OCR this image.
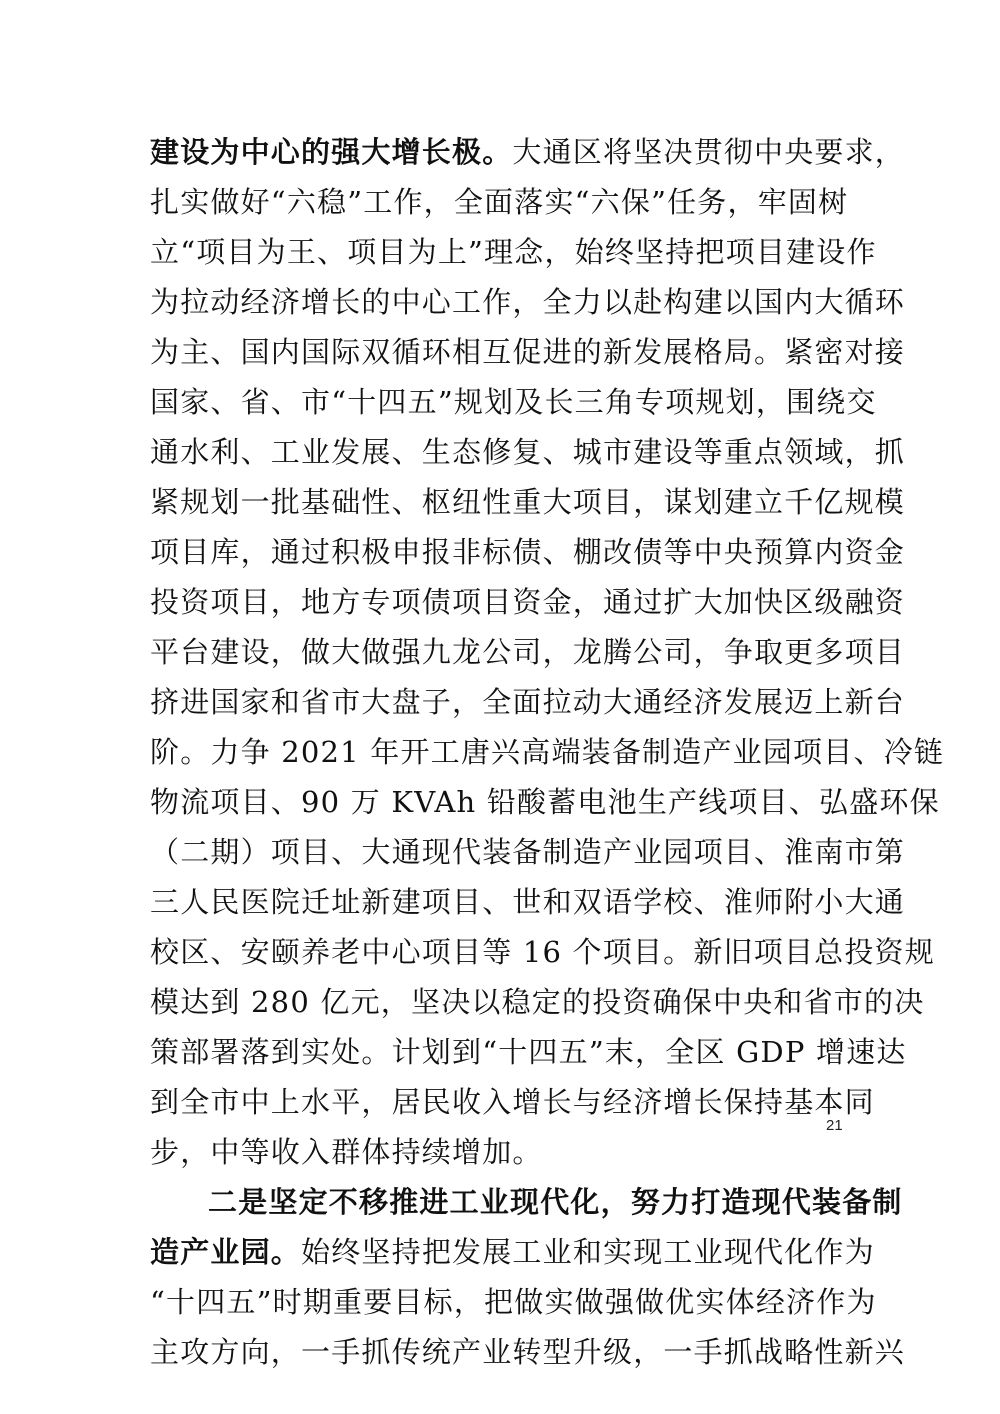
建设为中心的强大增长极。大通区将坚决贯彻中央要求，
扎实做好“六稳”工作，全面落实“六保”任务，牢固树
立“项目为王、项目为上”理念，始终坚持把项目建设作
为拉动经济增长的中心工作，全力以赴构建以国内大循环
为主、国内国际双循环相互促进的新发展格局。紧密对接
国家、省、市“十四五”规划及长三角专项规划，围绕交
通水利、工业发展、生态修复、城市建设等重点领域，抓
紧规划一批基础性、枢纽性重大项目，谋划建立千亿规模
项目库，通过积极申报非标债、棚改债等中央预算内资金
投资项目，地方专项债项目资金，通过扩大加快区级融资
平台建设，做大做强九龙公司，龙腾公司，争取更多项目
挤进国家和省市大盘子，全面拉动大通经济发展迈上新台
阶。力争 2021 年开工唐兴高端装备制造产业园项目、冷链
物流项目、90 万 KVAh 铅酸蓄电池生产线项目、弘盛环保
（二期）项目、大通现代装备制造产业园项目、淮南市第
三人民医院迁址新建项目、世和双语学校、淮师附小大通
校区、安颐养老中心项目等 16 个项目。新旧项目总投资规
模达到 280 亿元，坚决以稳定的投资确保中央和省市的决
策部署落到实处。计划到“十四五”末，全区 GDP 增速达
到全市中上水平，居民收入增长与经济增长保持基本同
步，中等收入群体持续增加。
二是坚定不移推进工业现代化，努力打造现代装备制
造产业园。始终坚持把发展工业和实现工业现代化作为
“十四五”时期重要目标，把做实做强做优实体经济作为
主攻方向，一手抓传统产业转型升级，一手抓战略性新兴
21
